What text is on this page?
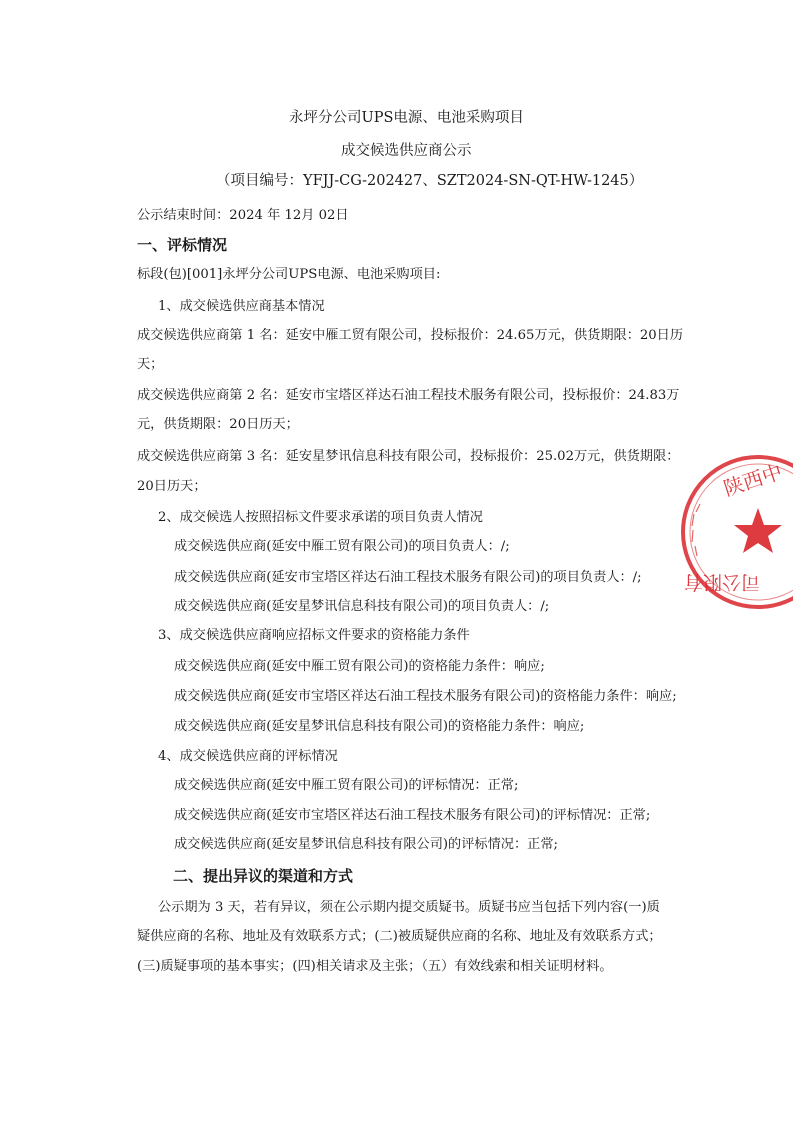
永坪分公司UPS电源、电池采购项目
成交候选供应商公示
（项目编号：YFJJ-CG-202427、SZT2024-SN-QT-HW-1245）
公示结束时间：2024 年 12月 02日
一、评标情况
标段(包)[001]永坪分公司UPS电源、电池采购项目:
1、成交候选供应商基本情况
成交候选供应商第 1 名：延安中雁工贸有限公司，投标报价：24.65万元，供货期限：20日历
天；
成交候选供应商第 2 名：延安市宝塔区祥达石油工程技术服务有限公司，投标报价：24.83万
元，供货期限：20日历天；
成交候选供应商第 3 名：延安星梦讯信息科技有限公司，投标报价：25.02万元，供货期限：
20日历天；
2、成交候选人按照招标文件要求承诺的项目负责人情况
成交候选供应商(延安中雁工贸有限公司)的项目负责人：/;
成交候选供应商(延安市宝塔区祥达石油工程技术服务有限公司)的项目负责人：/;
成交候选供应商(延安星梦讯信息科技有限公司)的项目负责人：/;
3、成交候选供应商响应招标文件要求的资格能力条件
成交候选供应商(延安中雁工贸有限公司)的资格能力条件：响应;
成交候选供应商(延安市宝塔区祥达石油工程技术服务有限公司)的资格能力条件：响应;
成交候选供应商(延安星梦讯信息科技有限公司)的资格能力条件：响应;
4、成交候选供应商的评标情况
成交候选供应商(延安中雁工贸有限公司)的评标情况：正常;
成交候选供应商(延安市宝塔区祥达石油工程技术服务有限公司)的评标情况：正常;
成交候选供应商(延安星梦讯信息科技有限公司)的评标情况：正常;
二、提出异议的渠道和方式
公示期为 3 天，若有异议，须在公示期内提交质疑书。质疑书应当包括下列内容(一)质
疑供应商的名称、地址及有效联系方式；(二)被质疑供应商的名称、地址及有效联系方式；
(三)质疑事项的基本事实；(四)相关请求及主张；（五）有效线索和相关证明材料。
陕西中
司公限有
